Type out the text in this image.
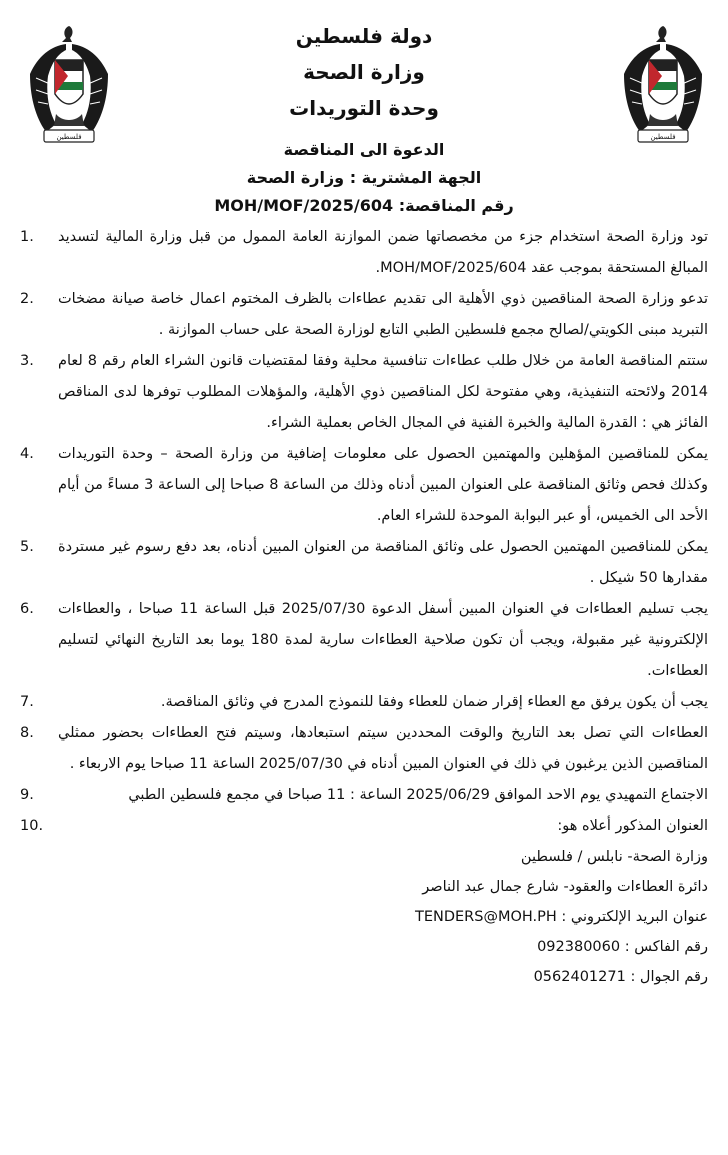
فلسطين	فلسطين

دولة فلسطين

وزارة الصحة

وحدة التوريدات

الدعوة الى المناقصة

الجهة المشترية : وزارة الصحة

رقم المناقصة: MOH/MOF/2025/604

تود وزارة الصحة استخدام جزء من مخصصاتها ضمن الموازنة العامة الممول من قبل وزارة المالية لتسديد المبالغ المستحقة بموجب عقد MOH/MOF/2025/604.
1.
تدعو وزارة الصحة المناقصين ذوي الأهلية الى تقديم عطاءات بالظرف المختوم اعمال خاصة صيانة مضخات التبريد مبنى الكويتي/لصالح مجمع فلسطين الطبي التابع لوزارة الصحة على حساب الموازنة .
2.
ستتم المناقصة العامة من خلال طلب عطاءات تنافسية محلية وفقا لمقتضيات قانون الشراء العام رقم 8 لعام 2014 ولائحته التنفيذية، وهي مفتوحة لكل المناقصين ذوي الأهلية، والمؤهلات المطلوب توفرها لدى المناقص الفائز هي : القدرة المالية والخبرة الفنية في المجال الخاص بعملية الشراء.
3.
يمكن للمناقصين المؤهلين والمهتمين الحصول على معلومات إضافية من وزارة الصحة – وحدة التوريدات وكذلك فحص وثائق المناقصة على العنوان المبين أدناه وذلك من الساعة 8 صباحا إلى الساعة 3 مساءً من أيام الأحد الى الخميس، أو عبر البوابة الموحدة للشراء العام.
4.
يمكن للمناقصين المهتمين الحصول على وثائق المناقصة من العنوان المبين أدناه، بعد دفع رسوم غير مستردة مقدارها 50 شيكل .
5.
يجب تسليم العطاءات في العنوان المبين أسفل الدعوة 2025/07/30 قبل الساعة 11 صباحا ، والعطاءات الإلكترونية غير مقبولة، ويجب أن تكون صلاحية العطاءات سارية لمدة 180 يوما بعد التاريخ النهائي لتسليم العطاءات.
6.
يجب أن يكون يرفق مع العطاء إقرار ضمان للعطاء وفقا للنموذج المدرج في وثائق المناقصة.
7.
العطاءات التي تصل بعد التاريخ والوقت المحددين سيتم استبعادها، وسيتم فتح العطاءات بحضور ممثلي المناقصين الذين يرغبون في ذلك في العنوان المبين أدناه في 2025/07/30 الساعة 11 صباحا يوم الاربعاء .
8.
الاجتماع التمهيدي يوم الاحد الموافق 2025/06/29 الساعة : 11 صباحا في مجمع فلسطين الطبي
9.
العنوان المذكور أعلاه هو:
10.
وزارة الصحة- نابلس / فلسطين
دائرة العطاءات والعقود- شارع جمال عبد الناصر
عنوان البريد الإلكتروني : TENDERS@MOH.PH
رقم الفاكس : 092380060
رقم الجوال : 0562401271
